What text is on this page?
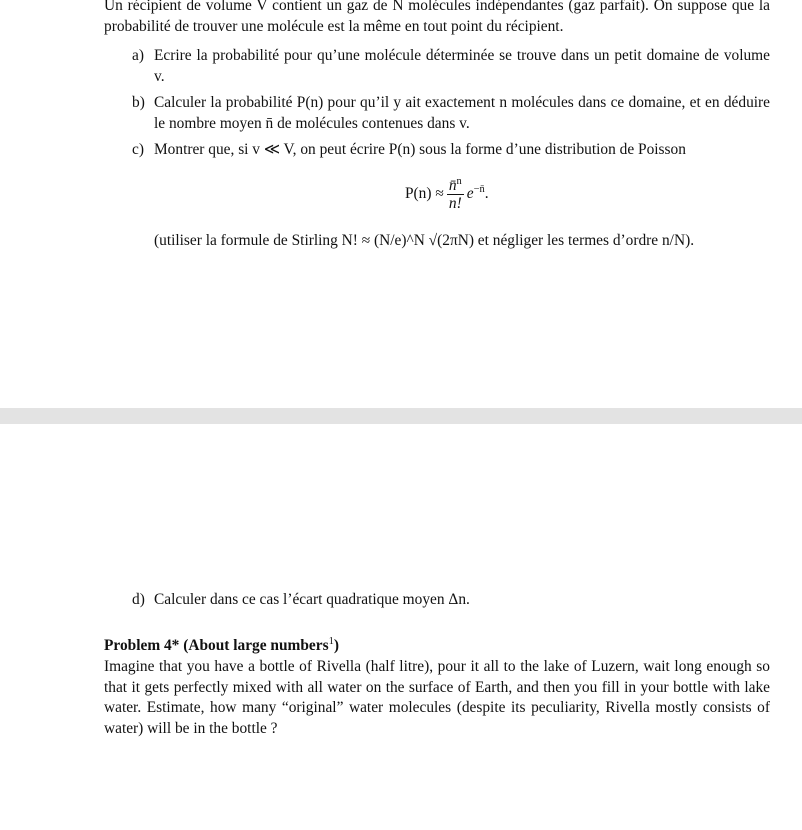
Un récipient de volume V contient un gaz de N molécules indépendantes (gaz parfait). On suppose que la probabilité de trouver une molécule est la même en tout point du récipient.

a) Ecrire la probabilité pour qu’une molécule déterminée se trouve dans un petit domaine de volume v.
b) Calculer la probabilité P(n) pour qu’il y ait exactement n molécules dans ce domaine, et en déduire le nombre moyen n̄ de molécules contenues dans v.
c) Montrer que, si v ≪ V, on peut écrire P(n) sous la forme d’une distribution de Poisson
$P(n) \approx \frac{n̄^n}{n!} e^{-n̄}$ .
(utiliser la formule de Stirling N! ≈ (N/e)^N √(2πN) et négliger les termes d’ordre n/N).
d) Calculer dans ce cas l’écart quadratique moyen Δn.
Problem 4* (About large numbers$^1$)

Imagine that you have a bottle of Rivella (half litre), pour it all to the lake of Luzern, wait long enough so that it gets perfectly mixed with all water on the surface of Earth, and then you fill in your bottle with lake water. Estimate, how many “original” water molecules (despite its peculiarity, Rivella mostly consists of water) will be in the bottle ?
